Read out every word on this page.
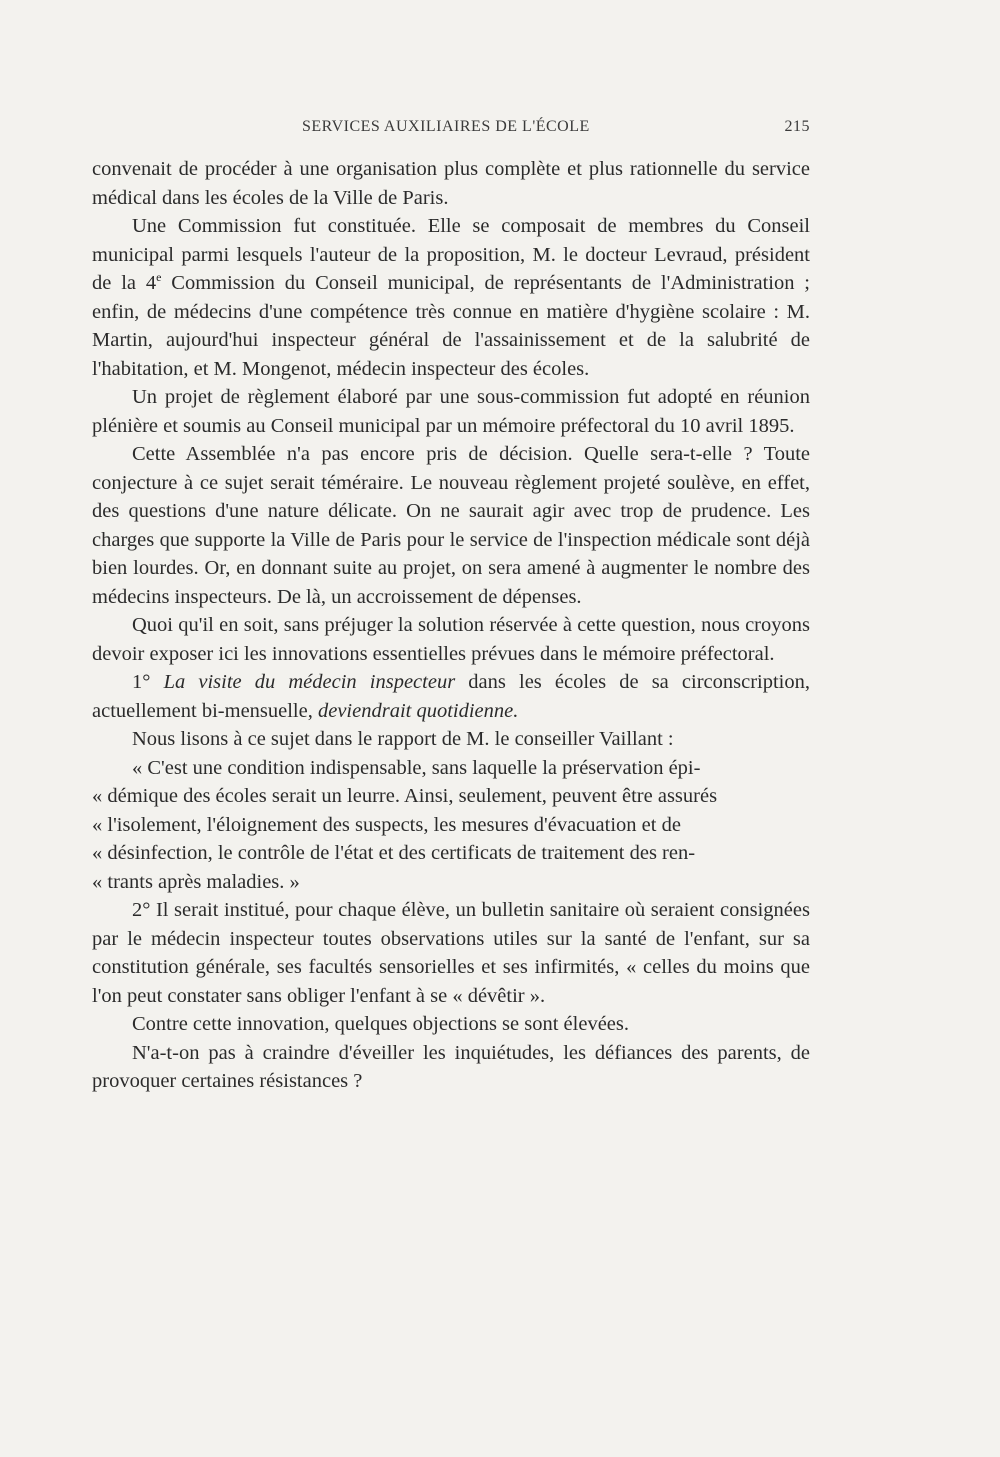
SERVICES AUXILIAIRES DE L'ÉCOLE	215

convenait de procéder à une organisation plus complète et plus rationnelle du service médical dans les écoles de la Ville de Paris.

Une Commission fut constituée. Elle se composait de membres du Conseil municipal parmi lesquels l'auteur de la proposition, M. le docteur Levraud, président de la 4e Commission du Conseil municipal, de représentants de l'Administration ; enfin, de médecins d'une compétence très connue en matière d'hygiène scolaire : M. Martin, aujourd'hui inspecteur général de l'assainissement et de la salubrité de l'habitation, et M. Mongenot, médecin inspecteur des écoles.

Un projet de règlement élaboré par une sous-commission fut adopté en réunion plénière et soumis au Conseil municipal par un mémoire préfectoral du 10 avril 1895.

Cette Assemblée n'a pas encore pris de décision. Quelle sera-t-elle ? Toute conjecture à ce sujet serait téméraire. Le nouveau règlement projeté soulève, en effet, des questions d'une nature délicate. On ne saurait agir avec trop de prudence. Les charges que supporte la Ville de Paris pour le service de l'inspection médicale sont déjà bien lourdes. Or, en donnant suite au projet, on sera amené à augmenter le nombre des médecins inspecteurs. De là, un accroissement de dépenses.

Quoi qu'il en soit, sans préjuger la solution réservée à cette question, nous croyons devoir exposer ici les innovations essentielles prévues dans le mémoire préfectoral.

1° La visite du médecin inspecteur dans les écoles de sa circonscription, actuellement bi-mensuelle, deviendrait quotidienne.

Nous lisons à ce sujet dans le rapport de M. le conseiller Vaillant :

« C'est une condition indispensable, sans laquelle la préservation épi-

« démique des écoles serait un leurre. Ainsi, seulement, peuvent être assurés

« l'isolement, l'éloignement des suspects, les mesures d'évacuation et de

« désinfection, le contrôle de l'état et des certificats de traitement des ren-

« trants après maladies. »

2° Il serait institué, pour chaque élève, un bulletin sanitaire où seraient consignées par le médecin inspecteur toutes observations utiles sur la santé de l'enfant, sur sa constitution générale, ses facultés sensorielles et ses infirmités, « celles du moins que l'on peut constater sans obliger l'enfant à se « dévêtir ».

Contre cette innovation, quelques objections se sont élevées.

N'a-t-on pas à craindre d'éveiller les inquiétudes, les défiances des parents, de provoquer certaines résistances ?
